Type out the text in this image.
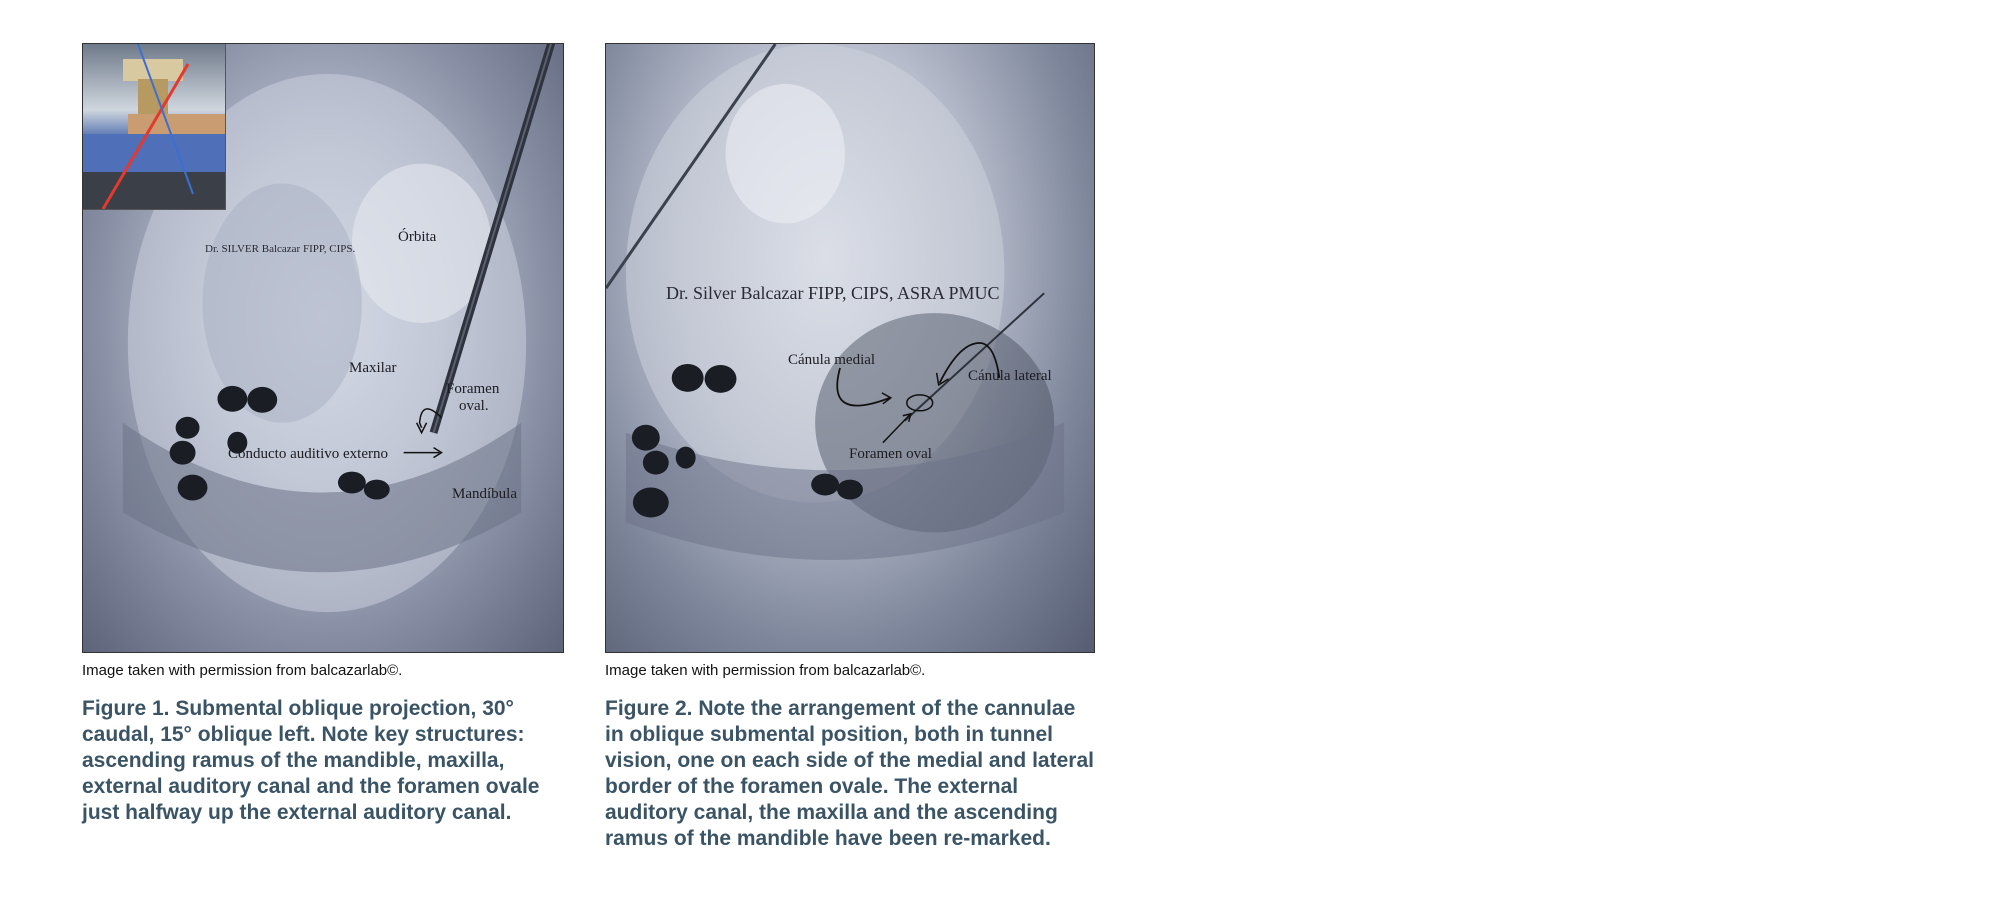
Dr. SILVER Balcazar FIPP, CIPS.
Órbita
Maxilar
Foramen
oval.
Conducto auditivo externo
Mandíbula
Image taken with permission from balcazarlab©.
Figure 1. Submental oblique projection, 30° caudal, 15° oblique left. Note key structures: ascending ramus of the mandible, maxilla, external auditory canal and the foramen ovale just halfway up the external auditory canal.
Dr. Silver Balcazar FIPP, CIPS, ASRA PMUC
Cánula medial
Cánula lateral
Foramen oval
Image taken with permission from balcazarlab©.
Figure 2. Note the arrangement of the cannulae in oblique submental position, both in tunnel vision, one on each side of the medial and lateral border of the foramen ovale. The external auditory canal, the maxilla and the ascending ramus of the mandible have been re-marked.
